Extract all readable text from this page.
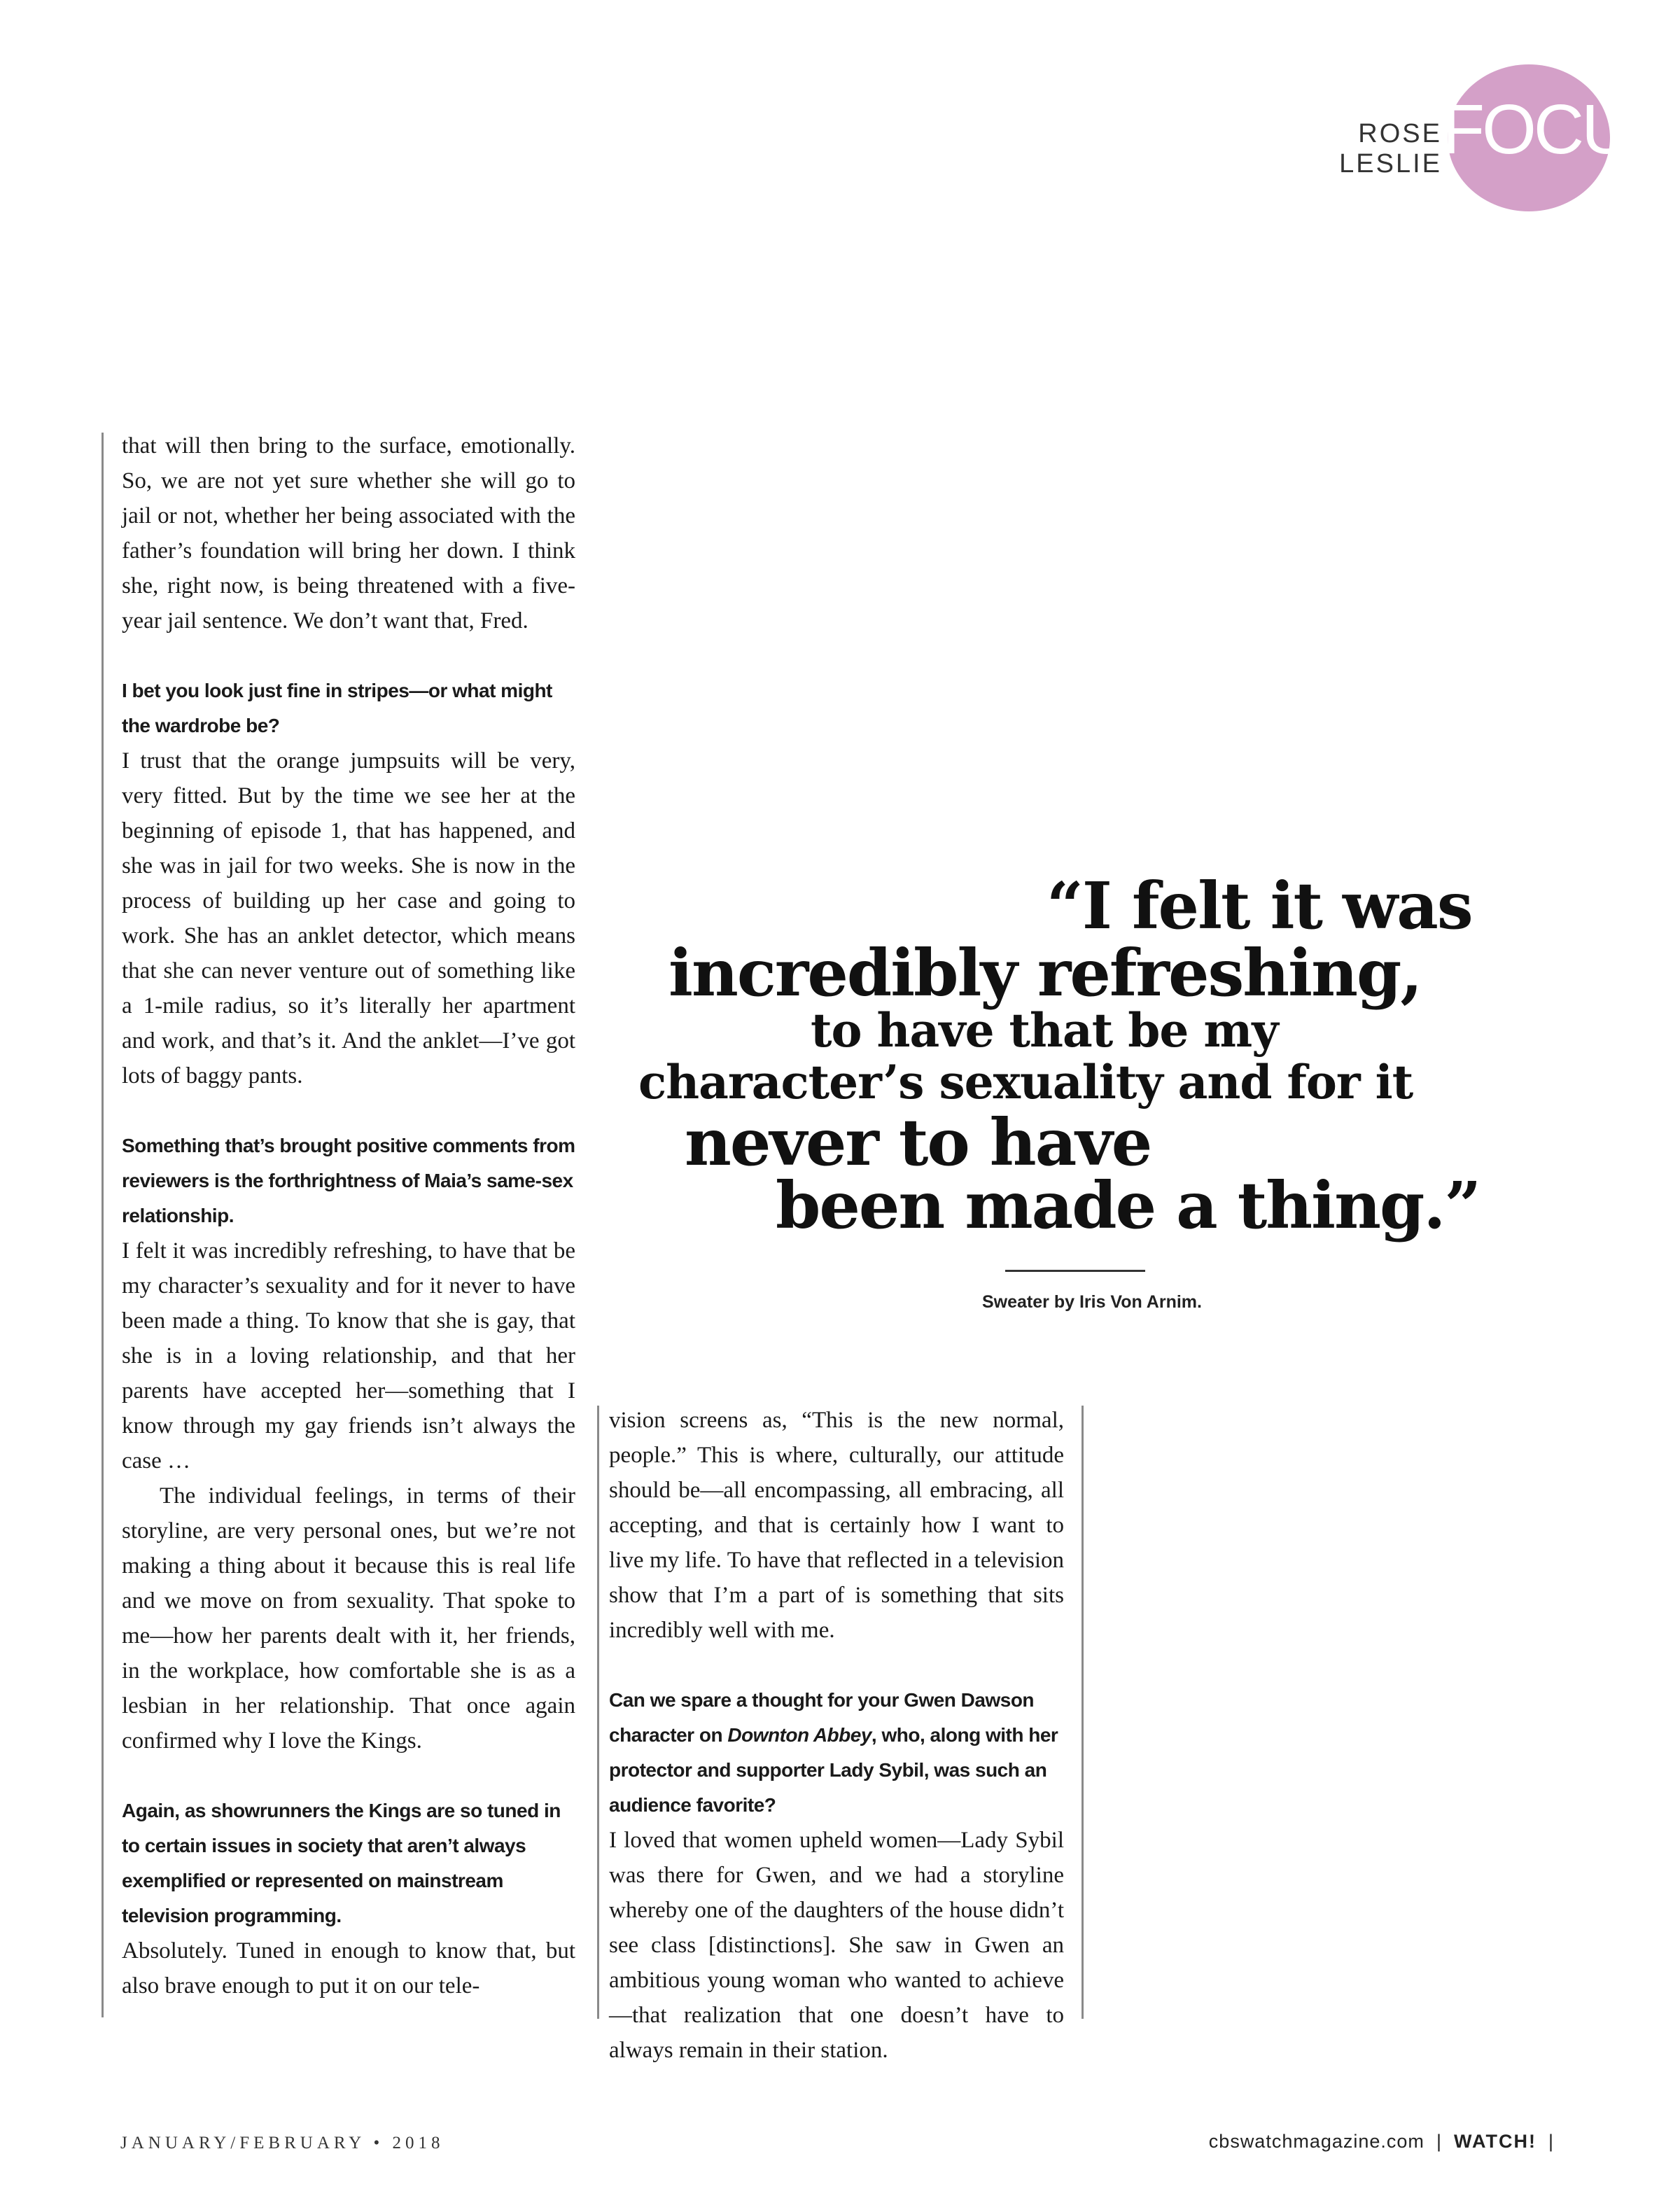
ROSE LESLIE FOCUS

that will then bring to the surface, emotionally. So, we are not yet sure whether she will go to jail or not, whether her being associated with the father’s foundation will bring her down. I think she, right now, is being threatened with a five-year jail sentence. We don’t want that, Fred.

I bet you look just fine in stripes—or what might the wardrobe be?

I trust that the orange jumpsuits will be very, very fitted. But by the time we see her at the beginning of episode 1, that has happened, and she was in jail for two weeks. She is now in the process of building up her case and going to work. She has an anklet detector, which means that she can never venture out of something like a 1-mile radius, so it’s literally her apartment and work, and that’s it. And the anklet—I’ve got lots of baggy pants.

Something that’s brought positive comments from reviewers is the forthrightness of Maia’s same-sex relationship.

I felt it was incredibly refreshing, to have that be my character’s sexuality and for it never to have been made a thing. To know that she is gay, that she is in a loving relationship, and that her parents have accepted her—something that I know through my gay friends isn’t always the case …

The individual feelings, in terms of their storyline, are very personal ones, but we’re not making a thing about it because this is real life and we move on from sexuality. That spoke to me—how her parents dealt with it, her friends, in the workplace, how comfortable she is as a lesbian in her relationship. That once again confirmed why I love the Kings.

Again, as showrunners the Kings are so tuned in to certain issues in society that aren’t always exemplified or represented on mainstream television programming.

Absolutely. Tuned in enough to know that, but also brave enough to put it on our tele-

vision screens as, “This is the new normal, people.” This is where, culturally, our attitude should be—all encompassing, all embracing, all accepting, and that is certainly how I want to live my life. To have that reflected in a television show that I’m a part of is something that sits incredibly well with me.

Can we spare a thought for your Gwen Dawson character on Downton Abbey, who, along with her protector and supporter Lady Sybil, was such an audience favorite?

I loved that women upheld women—Lady Sybil was there for Gwen, and we had a storyline whereby one of the daughters of the house didn’t see class [distinctions]. She saw in Gwen an ambitious young woman who wanted to achieve—that realization that one doesn’t have to always remain in their station.

“I felt it was
incredibly refreshing,
to have that be my
character’s sexuality and for it
never to have
been made a thing.”
Sweater by Iris Von Arnim.
JANUARY/FEBRUARY • 2018	cbswatchmagazine.com | WATCH! |
